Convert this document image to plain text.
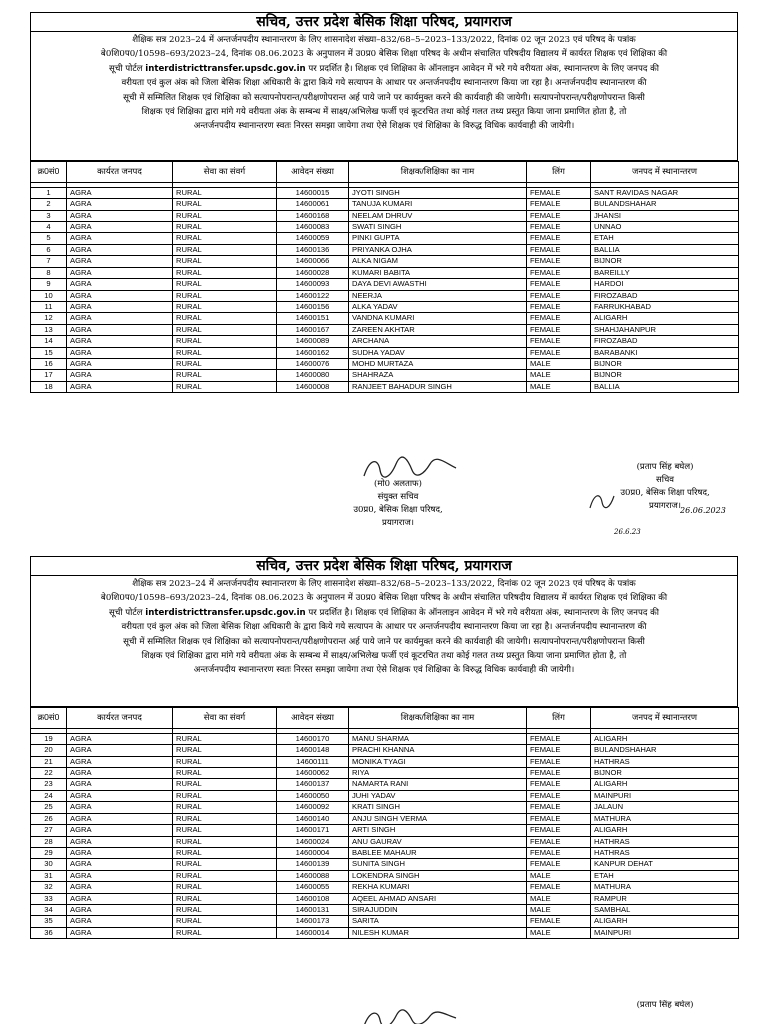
सचिव, उत्तर प्रदेश बेसिक शिक्षा परिषद, प्रयागराज
शैक्षिक सत्र 2023–24 में अन्तर्जनपदीय स्थानान्तरण के लिए शासनादेश संख्या–832/68–5–2023–133/2022, दिनांक 02 जून 2023 एवं परिषद के पत्रांक
बे0शि0प0/10598–693/2023–24, दिनांक 08.06.2023 के अनुपालन में उ0प्र0 बेसिक शिक्षा परिषद के अधीन संचालित परिषदीय विद्यालय में कार्यरत शिक्षक एवं शिक्षिका की
सूची पोर्टल interdistricttransfer.upsdc.gov.in पर प्रदर्शित है। शिक्षक एवं शिक्षिका के ऑनलाइन आवेदन में भरे गये वरीयता अंक, स्थानान्तरण के लिए जनपद की
वरीयता एवं कुल अंक को जिला बेसिक शिक्षा अधिकारी के द्वारा किये गये सत्यापन के आधार पर अन्तर्जनपदीय स्थानान्तरण किया जा रहा है। अन्तर्जनपदीय स्थानान्तरण की
सूची में सम्मिलित शिक्षक एवं शिक्षिका को सत्यापनोपरान्त/परीक्षणोपरान्त अर्ह पाये जाने पर कार्यमुक्त करने की कार्यवाही की जायेगी। सत्यापनोपरान्त/परीक्षणोपरान्त किसी
शिक्षक एवं शिक्षिका द्वारा मांगे गये वरीयता अंक के सम्बन्ध में साक्ष्य/अभिलेख फर्जी एवं कूटरचित तथा कोई गलत तथ्य प्रस्तुत किया जाना प्रमाणित होता है, तो
अन्तर्जनपदीय स्थानान्तरण स्वतः निरस्त समझा जायेगा तथा ऐसे शिक्षक एवं शिक्षिका के विरुद्ध विधिक कार्यवाही की जायेगी।
क्र0सं0	कार्यरत जनपद	सेवा का संवर्ग	आवेदन संख्या	शिक्षक/शिक्षिका का नाम	लिंग	जनपद में स्थानान्तरण

1	AGRA	RURAL	14600015	JYOTI SINGH	FEMALE	SANT RAVIDAS NAGAR
2	AGRA	RURAL	14600061	TANUJA KUMARI	FEMALE	BULANDSHAHAR
3	AGRA	RURAL	14600168	NEELAM DHRUV	FEMALE	JHANSI
4	AGRA	RURAL	14600083	SWATI SINGH	FEMALE	UNNAO
5	AGRA	RURAL	14600059	PINKI GUPTA	FEMALE	ETAH
6	AGRA	RURAL	14600136	PRIYANKA OJHA	FEMALE	BALLIA
7	AGRA	RURAL	14600066	ALKA NIGAM	FEMALE	BIJNOR
8	AGRA	RURAL	14600028	KUMARI BABITA	FEMALE	BAREILLY
9	AGRA	RURAL	14600093	DAYA DEVI AWASTHI	FEMALE	HARDOI
10	AGRA	RURAL	14600122	NEERJA	FEMALE	FIROZABAD
11	AGRA	RURAL	14600156	ALKA YADAV	FEMALE	FARRUKHABAD
12	AGRA	RURAL	14600151	VANDNA KUMARI	FEMALE	ALIGARH
13	AGRA	RURAL	14600167	ZAREEN AKHTAR	FEMALE	SHAHJAHANPUR
14	AGRA	RURAL	14600089	ARCHANA	FEMALE	FIROZABAD
15	AGRA	RURAL	14600162	SUDHA YADAV	FEMALE	BARABANKI
16	AGRA	RURAL	14600076	MOHD MURTAZA	MALE	BIJNOR
17	AGRA	RURAL	14600080	SHAHRAZA	MALE	BIJNOR
18	AGRA	RURAL	14600008	RANJEET BAHADUR SINGH	MALE	BALLIA
(मो0 अलताफ)
संयुक्त सचिव
उ0प्र0, बेसिक शिक्षा परिषद,
प्रयागराज।
(प्रताप सिंह बघेल)
सचिव
उ0प्र0, बेसिक शिक्षा परिषद,
प्रयागराज।
26.6.23
26.06.2023
सचिव, उत्तर प्रदेश बेसिक शिक्षा परिषद, प्रयागराज
शैक्षिक सत्र 2023–24 में अन्तर्जनपदीय स्थानान्तरण के लिए शासनादेश संख्या–832/68–5–2023–133/2022, दिनांक 02 जून 2023 एवं परिषद के पत्रांक
बे0शि0प0/10598–693/2023–24, दिनांक 08.06.2023 के अनुपालन में उ0प्र0 बेसिक शिक्षा परिषद के अधीन संचालित परिषदीय विद्यालय में कार्यरत शिक्षक एवं शिक्षिका की
सूची पोर्टल interdistricttransfer.upsdc.gov.in पर प्रदर्शित है। शिक्षक एवं शिक्षिका के ऑनलाइन आवेदन में भरे गये वरीयता अंक, स्थानान्तरण के लिए जनपद की
वरीयता एवं कुल अंक को जिला बेसिक शिक्षा अधिकारी के द्वारा किये गये सत्यापन के आधार पर अन्तर्जनपदीय स्थानान्तरण किया जा रहा है। अन्तर्जनपदीय स्थानान्तरण की
सूची में सम्मिलित शिक्षक एवं शिक्षिका को सत्यापनोपरान्त/परीक्षणोपरान्त अर्ह पाये जाने पर कार्यमुक्त करने की कार्यवाही की जायेगी। सत्यापनोपरान्त/परीक्षणोपरान्त किसी
शिक्षक एवं शिक्षिका द्वारा मांगे गये वरीयता अंक के सम्बन्ध में साक्ष्य/अभिलेख फर्जी एवं कूटरचित तथा कोई गलत तथ्य प्रस्तुत किया जाना प्रमाणित होता है, तो
अन्तर्जनपदीय स्थानान्तरण स्वतः निरस्त समझा जायेगा तथा ऐसे शिक्षक एवं शिक्षिका के विरुद्ध विधिक कार्यवाही की जायेगी।
क्र0सं0	कार्यरत जनपद	सेवा का संवर्ग	आवेदन संख्या	शिक्षक/शिक्षिका का नाम	लिंग	जनपद में स्थानान्तरण

19	AGRA	RURAL	14600170	MANU SHARMA	FEMALE	ALIGARH
20	AGRA	RURAL	14600148	PRACHI KHANNA	FEMALE	BULANDSHAHAR
21	AGRA	RURAL	14600111	MONIKA TYAGI	FEMALE	HATHRAS
22	AGRA	RURAL	14600062	RIYA	FEMALE	BIJNOR
23	AGRA	RURAL	14600137	NAMARTA RANI	FEMALE	ALIGARH
24	AGRA	RURAL	14600050	JUHI YADAV	FEMALE	MAINPURI
25	AGRA	RURAL	14600092	KRATI SINGH	FEMALE	JALAUN
26	AGRA	RURAL	14600140	ANJU SINGH VERMA	FEMALE	MATHURA
27	AGRA	RURAL	14600171	ARTI SINGH	FEMALE	ALIGARH
28	AGRA	RURAL	14600024	ANU GAURAV	FEMALE	HATHRAS
29	AGRA	RURAL	14600004	BABLEE MAHAUR	FEMALE	HATHRAS
30	AGRA	RURAL	14600139	SUNITA SINGH	FEMALE	KANPUR DEHAT
31	AGRA	RURAL	14600088	LOKENDRA SINGH	MALE	ETAH
32	AGRA	RURAL	14600055	REKHA KUMARI	FEMALE	MATHURA
33	AGRA	RURAL	14600108	AQEEL AHMAD ANSARI	MALE	RAMPUR
34	AGRA	RURAL	14600131	SIRAJUDDIN	MALE	SAMBHAL
35	AGRA	RURAL	14600173	SARITA	FEMALE	ALIGARH
36	AGRA	RURAL	14600014	NILESH KUMAR	MALE	MAINPURI
(प्रताप सिंह बघेल)
